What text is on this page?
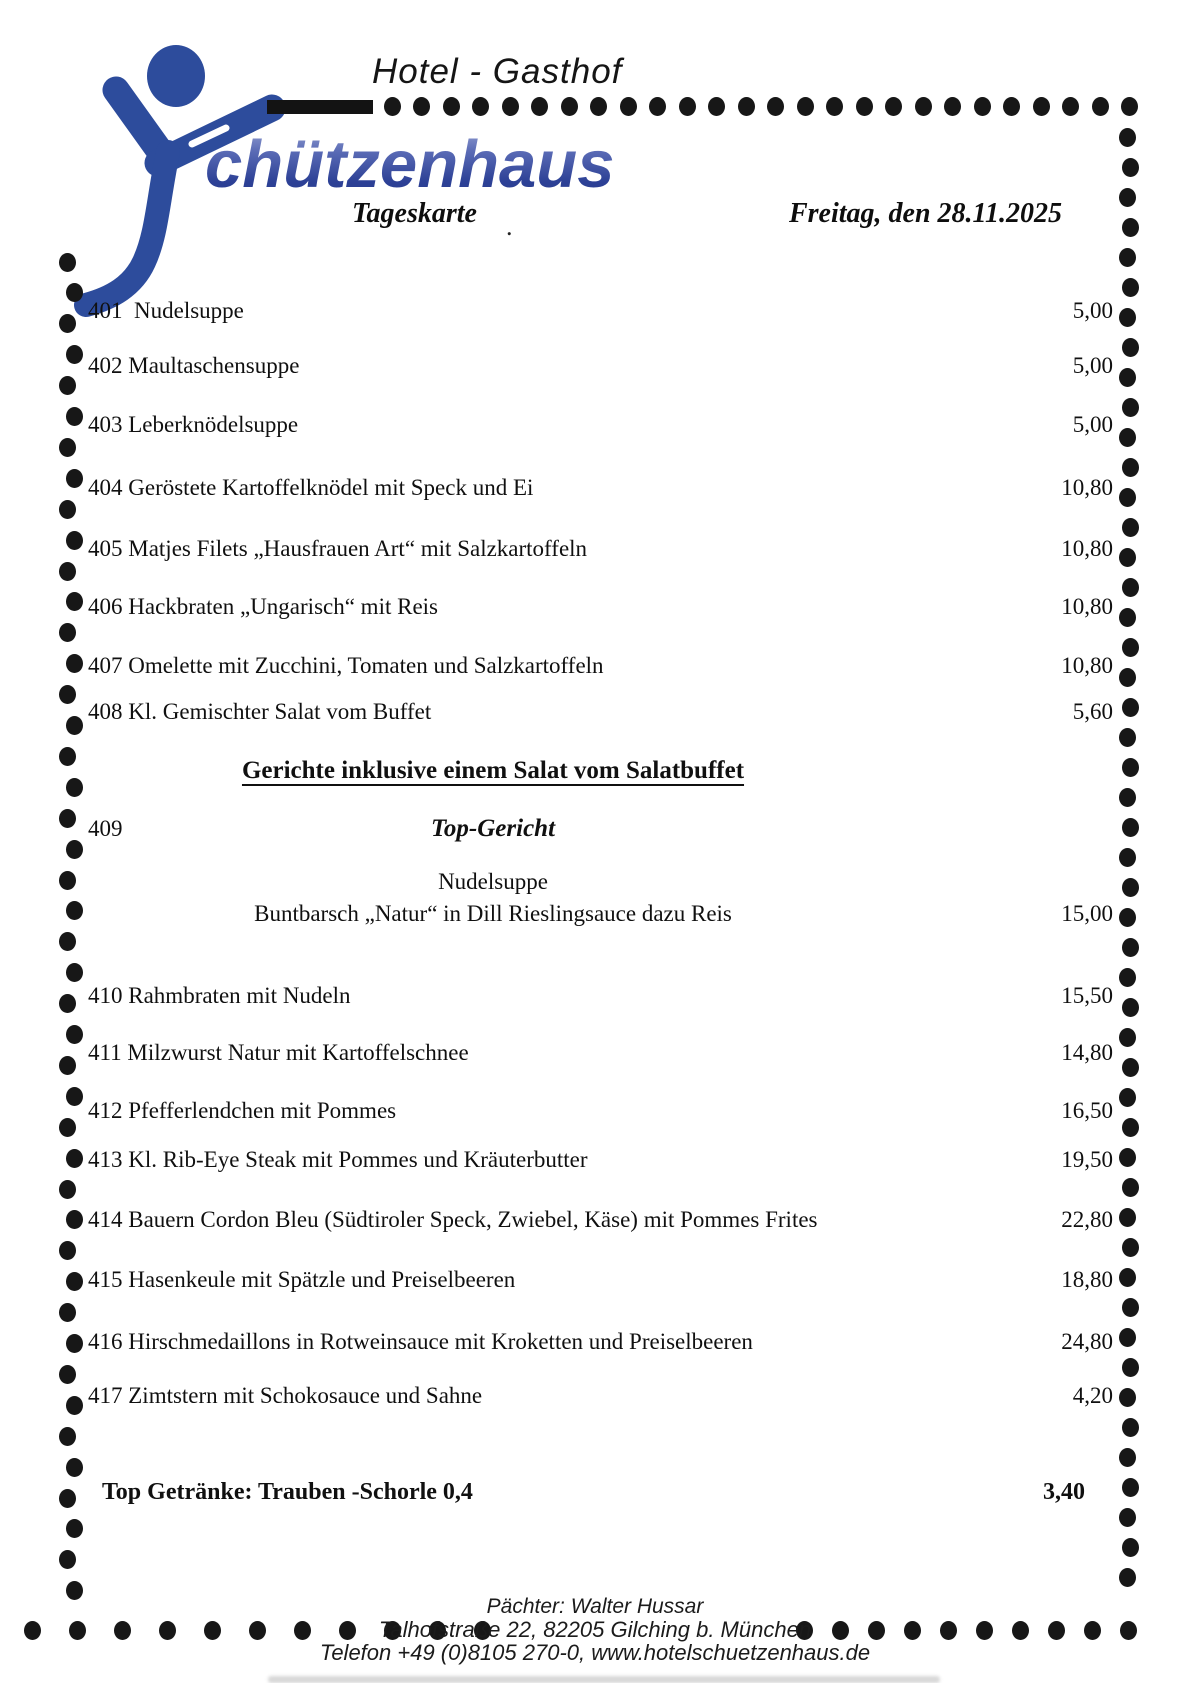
Hotel - Gasthof
chützenhaus
Tageskarte .	Freitag, den 28.11.2025
401  Nudelsuppe	5,00
402 Maultaschensuppe	5,00
403 Leberknödelsuppe	5,00
404 Geröstete Kartoffelknödel mit Speck und Ei	10,80
405 Matjes Filets „Hausfrauen Art“ mit Salzkartoffeln	10,80
406 Hackbraten „Ungarisch“ mit Reis	10,80
407 Omelette mit Zucchini, Tomaten und Salzkartoffeln	10,80
408 Kl. Gemischter Salat vom Buffet	5,60
Gerichte inklusive einem Salat vom Salatbuffet
409	Top-Gericht
Nudelsuppe
Buntbarsch „Natur“ in Dill Rieslingsauce dazu Reis	15,00
410 Rahmbraten mit Nudeln	15,50
411 Milzwurst Natur mit Kartoffelschnee	14,80
412 Pfefferlendchen mit Pommes	16,50
413 Kl. Rib-Eye Steak mit Pommes und Kräuterbutter	19,50
414 Bauern Cordon Bleu (Südtiroler Speck, Zwiebel, Käse) mit Pommes Frites	22,80
415 Hasenkeule mit Spätzle und Preiselbeeren	18,80
416 Hirschmedaillons in Rotweinsauce mit Kroketten und Preiselbeeren	24,80
417 Zimtstern mit Schokosauce und Sahne	4,20
Top Getränke: Trauben -Schorle 0,4	3,40
Pächter: Walter Hussar
Talhofstraße 22, 82205 Gilching b. München
Telefon +49 (0)8105 270-0, www.hotelschuetzenhaus.de
